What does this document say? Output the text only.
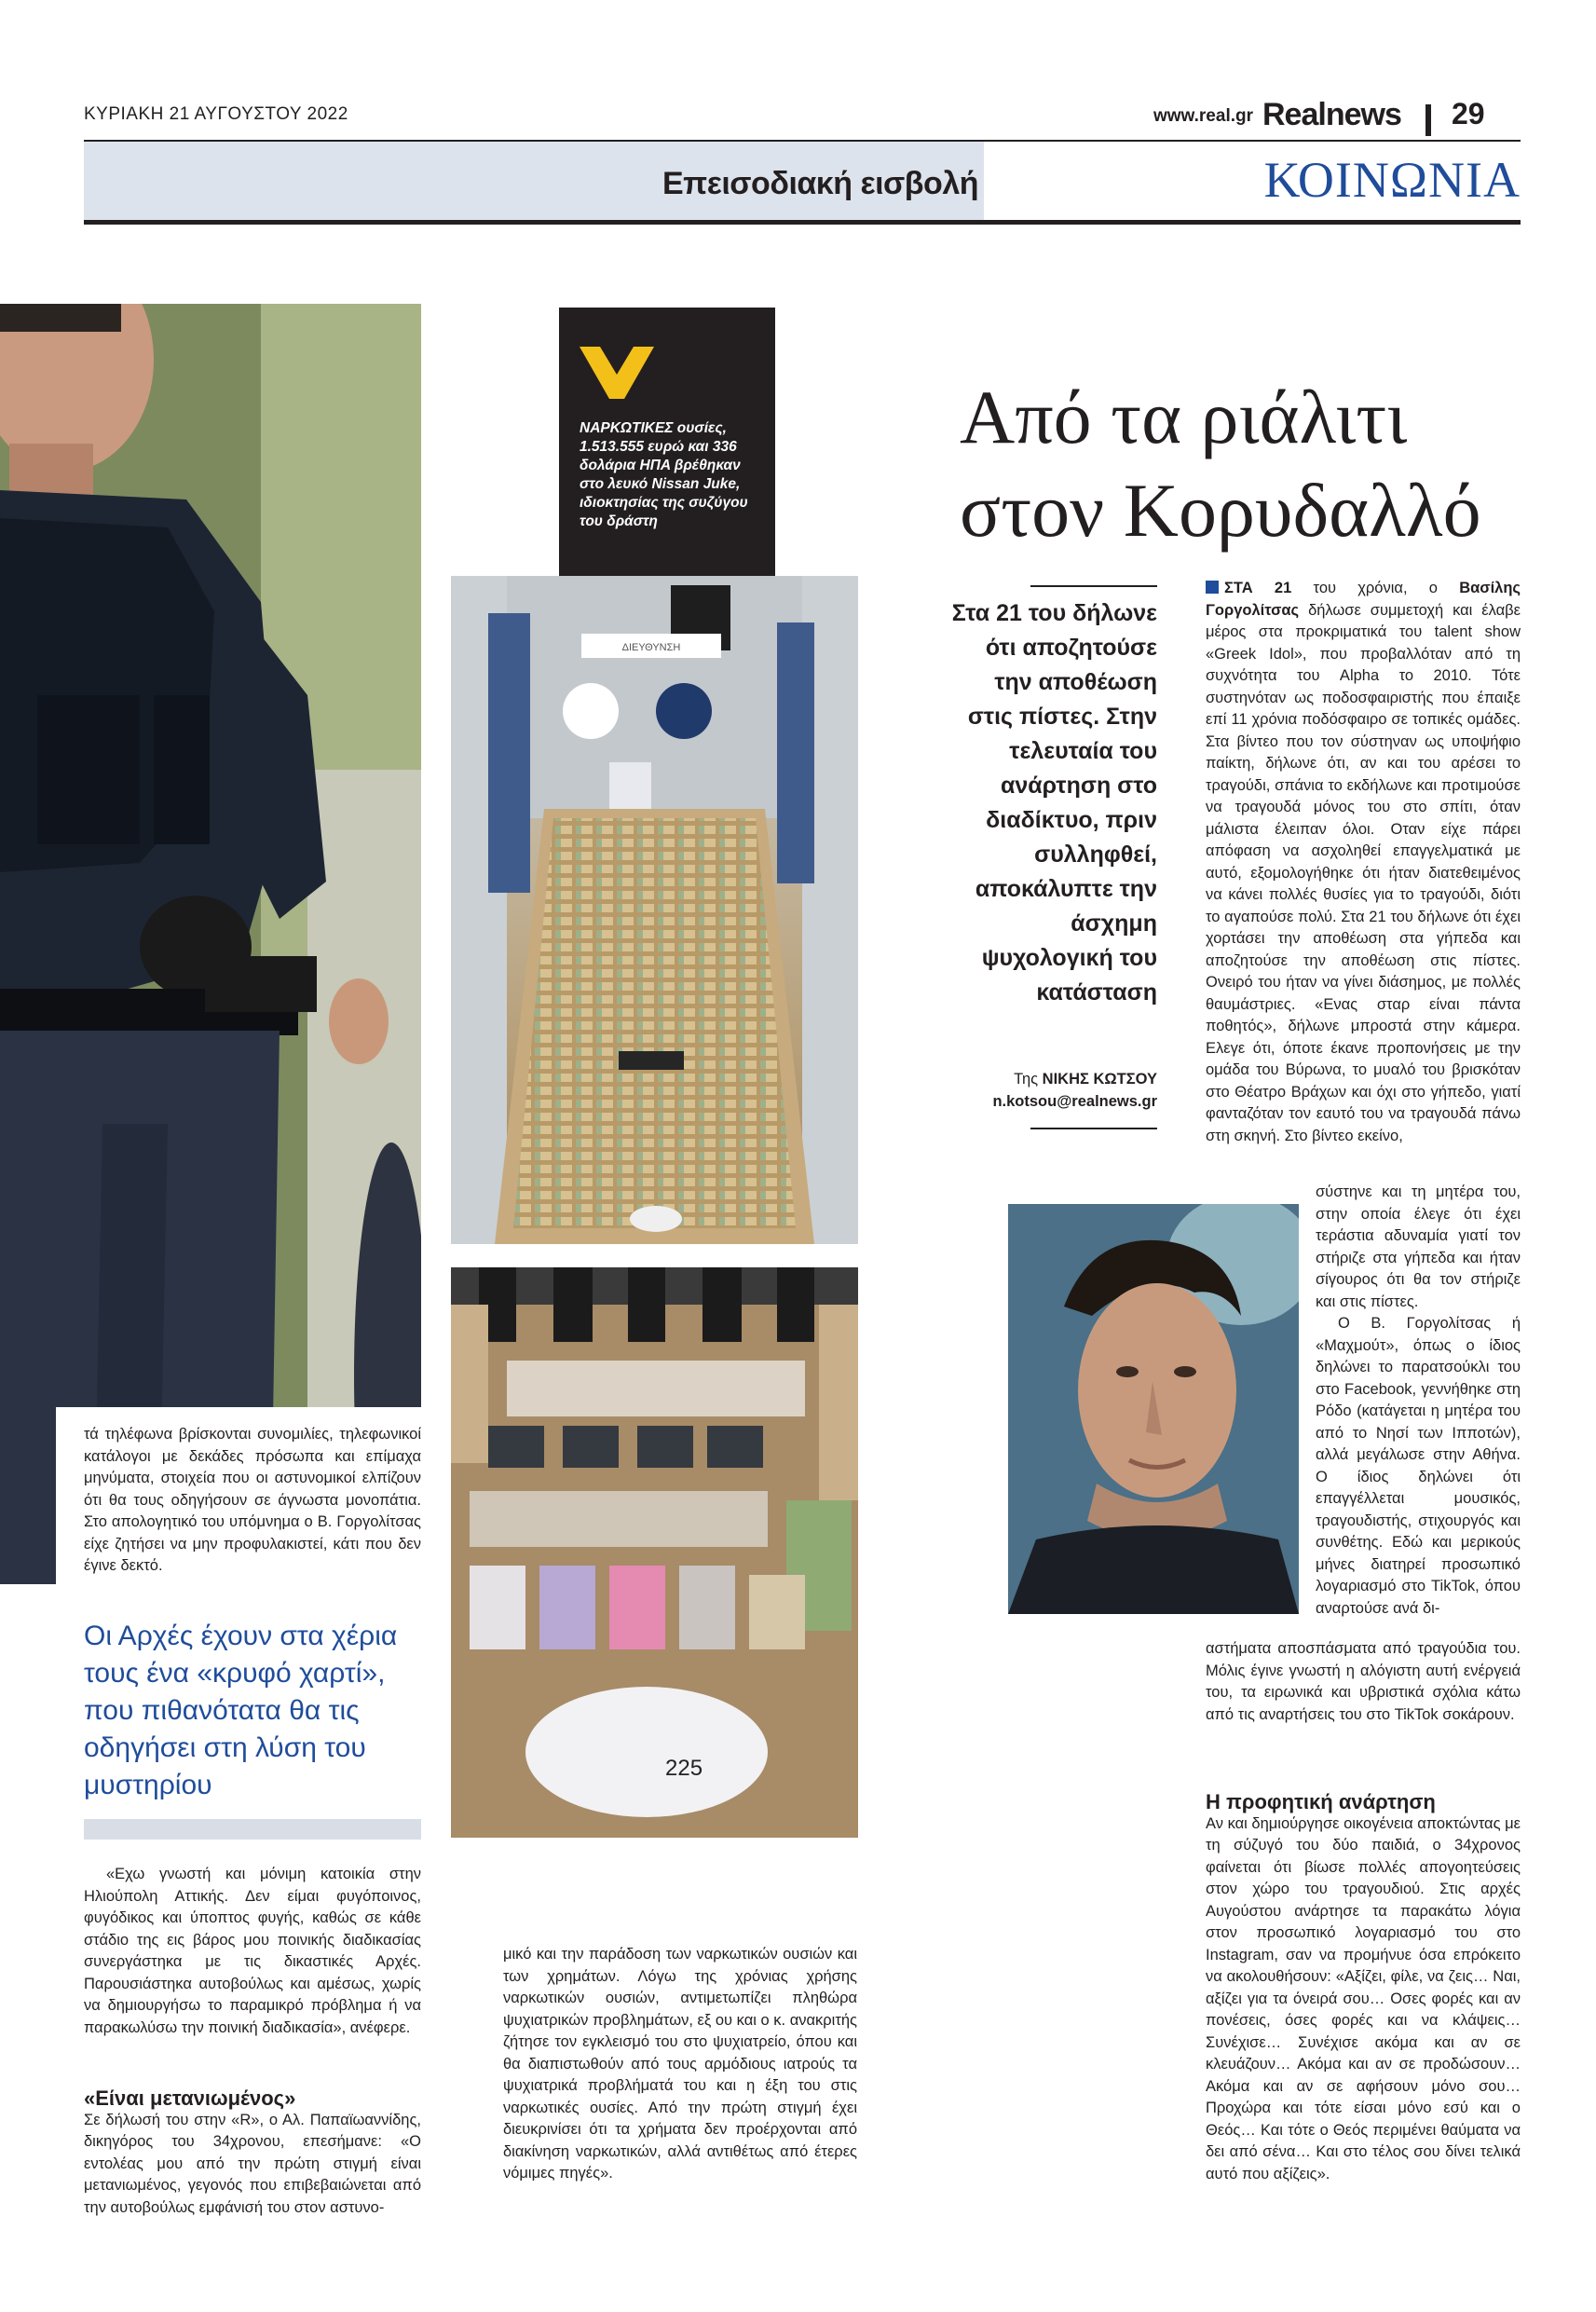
ΚΥΡΙΑΚΗ 21 ΑΥΓΟΥΣΤΟΥ 2022	www.real.gr Realnews 29
Επεισοδιακή εισβολή	ΚΟΙΝΩΝΙΑ
τά τηλέφωνα βρίσκονται συνομιλίες, τηλεφωνικοί κατάλογοι με δεκάδες πρόσωπα και επίμαχα μηνύματα, στοιχεία που οι αστυνομικοί ελπίζουν ότι θα τους οδηγήσουν σε άγνωστα μονοπάτια. Στο απολογητικό του υπόμνημα ο Β. Γοργολίτσας είχε ζητήσει να μην προφυλακιστεί, κάτι που δεν έγινε δεκτό.
ΝΑΡΚΩΤΙΚΕΣ ουσίες, 1.513.555 ευρώ και 336 δολάρια ΗΠΑ βρέθηκαν στο λευκό Nissan Juke, ιδιοκτησίας της συζύγου του δράστη
ΔΙΕΥΘΥΝΣΗ
225
Οι Αρχές έχουν στα χέρια τους ένα «κρυφό χαρτί», που πιθανότατα θα τις οδηγήσει στη λύση του μυστηρίου

«Εχω γνωστή και μόνιμη κατοικία στην Ηλιούπολη Αττικής. Δεν είμαι φυγόποινος, φυγόδικος και ύποπτος φυγής, καθώς σε κάθε στάδιο της εις βάρος μου ποινικής διαδικασίας συνεργάστηκα με τις δικαστικές Αρχές. Παρουσιάστηκα αυτοβούλως και αμέσως, χωρίς να δημιουργήσω το παραμικρό πρόβλημα ή να παρακωλύσω την ποινική διαδικασία», ανέφερε.

«Είναι μετανιωμένος»

Σε δήλωσή του στην «R», ο Αλ. Παπαϊωαννίδης, δικηγόρος του 34χρονου, επεσήμανε: «Ο εντολέας μου από την πρώτη στιγμή είναι μετανιωμένος, γεγονός που επιβεβαιώνεται από την αυτοβούλως εμφάνισή του στον αστυνο-

μικό και την παράδοση των ναρκωτικών ουσιών και των χρημάτων. Λόγω της χρόνιας χρήσης ναρκωτικών ουσιών, αντιμετωπίζει πληθώρα ψυχιατρικών προβλημάτων, εξ ου και ο κ. ανακριτής ζήτησε τον εγκλεισμό του στο ψυχιατρείο, όπου και θα διαπιστωθούν από τους αρμόδιους ιατρούς τα ψυχιατρικά προβλήματά του και η έξη του στις ναρκωτικές ουσίες. Από την πρώτη στιγμή έχει διευκρινίσει ότι τα χρήματα δεν προέρχονται από διακίνηση ναρκωτικών, αλλά αντιθέτως από έτερες νόμιμες πηγές».
Από τα ριάλιτι στον Κορυδαλλό
Στα 21 του δήλωνε ότι αποζητούσε την αποθέωση στις πίστες. Στην τελευταία του ανάρτηση στο διαδίκτυο, πριν συλληφθεί, αποκάλυπτε την άσχημη ψυχολογική του κατάσταση
Της ΝΙΚΗΣ ΚΩΤΣΟΥ
n.kotsou@realnews.gr

ΣΤΑ 21 του χρόνια, ο Βασίλης Γοργολίτσας δήλωσε συμμετοχή και έλαβε μέρος στα προκριματικά του talent show «Greek Idol», που προβαλλόταν από τη συχνότητα του Alpha το 2010. Τότε συστηνόταν ως ποδοσφαιριστής που έπαιξε επί 11 χρόνια ποδόσφαιρο σε τοπικές ομάδες. Στα βίντεο που τον σύστηναν ως υποψήφιο παίκτη, δήλωνε ότι, αν και του αρέσει το τραγούδι, σπάνια το εκδήλωνε και προτιμούσε να τραγουδά μόνος του στο σπίτι, όταν μάλιστα έλειπαν όλοι. Οταν είχε πάρει απόφαση να ασχοληθεί επαγγελματικά με αυτό, εξομολογήθηκε ότι ήταν διατεθειμένος να κάνει πολλές θυσίες για το τραγούδι, διότι το αγαπούσε πολύ. Στα 21 του δήλωνε ότι έχει χορτάσει την αποθέωση στα γήπεδα και αποζητούσε την αποθέωση στις πίστες. Ονειρό του ήταν να γίνει διάσημος, με πολλές θαυμάστριες. «Ενας σταρ είναι πάντα ποθητός», δήλωνε μπροστά στην κάμερα. Ελεγε ότι, όποτε έκανε προπονήσεις με την ομάδα του Βύρωνα, το μυαλό του βρισκόταν στο Θέατρο Βράχων και όχι στο γήπεδο, γιατί φανταζόταν τον εαυτό του να τραγουδά πάνω στη σκηνή. Στο βίντεο εκείνο,

σύστηνε και τη μητέρα του, στην οποία έλεγε ότι έχει τεράστια αδυναμία γιατί τον στήριζε στα γήπεδα και ήταν σίγουρος ότι θα τον στήριζε και στις πίστες.

Ο Β. Γοργολίτσας ή «Μαχμούτ», όπως ο ίδιος δηλώνει το παρατσούκλι του στο Facebook, γεννήθηκε στη Ρόδο (κατάγεται η μητέρα του από το Νησί των Ιπποτών), αλλά μεγάλωσε στην Αθήνα. Ο ίδιος δηλώνει ότι επαγγέλλεται μουσικός, τραγουδιστής, στιχουργός και συνθέτης. Εδώ και μερικούς μήνες διατηρεί προσωπικό λογαριασμό στο TikTok, όπου αναρτούσε ανά δι-

αστήματα αποσπάσματα από τραγούδια του. Μόλις έγινε γνωστή η αλόγιστη αυτή ενέργειά του, τα ειρωνικά και υβριστικά σχόλια κάτω από τις αναρτήσεις του στο TikTok σοκάρουν.
Η προφητική ανάρτηση

Αν και δημιούργησε οικογένεια αποκτώντας με τη σύζυγό του δύο παιδιά, ο 34χρονος φαίνεται ότι βίωσε πολλές απογοητεύσεις στον χώρο του τραγουδιού. Στις αρχές Αυγούστου ανάρτησε τα παρακάτω λόγια στον προσωπικό λογαριασμό του στο Instagram, σαν να προμήνυε όσα επρόκειτο να ακολουθήσουν: «Αξίζει, φίλε, να ζεις… Ναι, αξίζει για τα όνειρά σου… Οσες φορές και αν πονέσεις, όσες φορές και να κλάψεις… Συνέχισε… Συνέχισε ακόμα και αν σε κλευάζουν… Ακόμα και αν σε προδώσουν… Ακόμα και αν σε αφήσουν μόνο σου… Προχώρα και τότε είσαι μόνο εσύ και ο Θεός… Και τότε ο Θεός περιμένει θαύματα να δει από σένα… Και στο τέλος σου δίνει τελικά αυτό που αξίζεις».
